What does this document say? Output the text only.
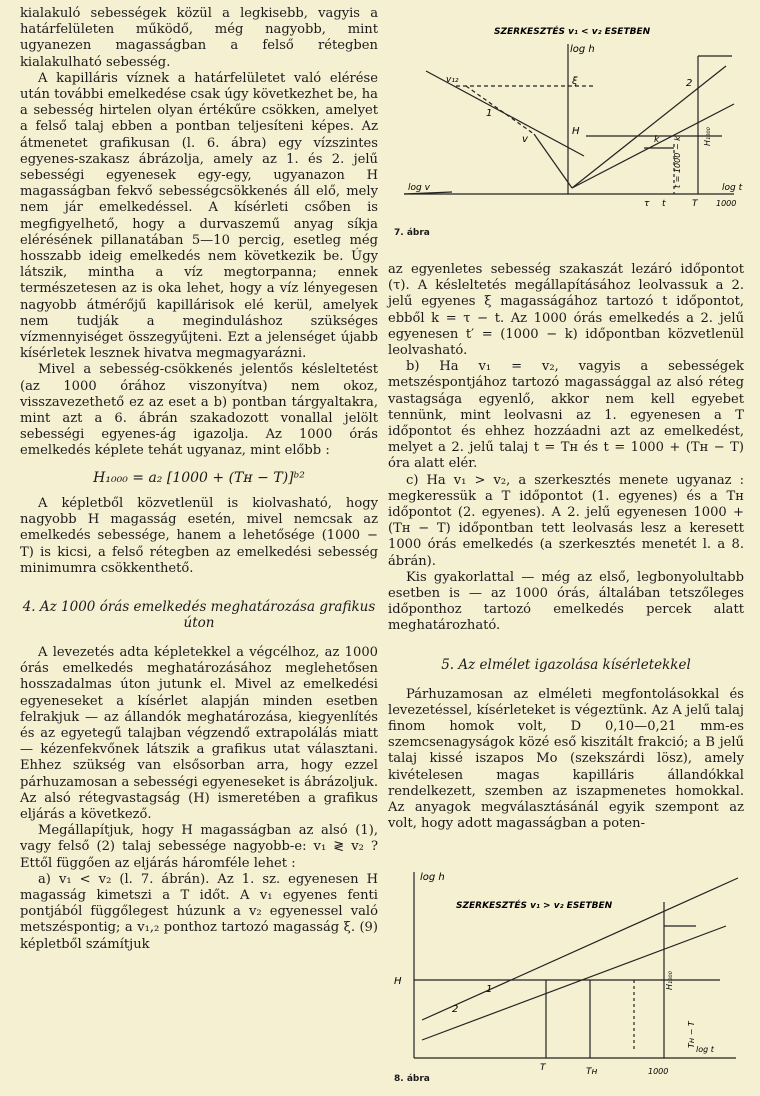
kialakuló sebességek közül a legkisebb, vagyis a határfelületen működő, még nagyobb, mint ugyanezen magasságban a felső rétegben kialakulható sebesség.

A kapilláris víznek a határfelületet való elérése után további emelkedése csak úgy következhet be, ha a sebesség hirtelen olyan értékűre csökken, amelyet a felső talaj ebben a pontban teljesíteni képes. Az átmenetet grafikusan (l. 6. ábra) egy vízszintes egyenes-szakasz ábrázolja, amely az 1. és 2. jelű sebességi egyenesek egy-egy, ugyanazon H magasságban fekvő sebességcsökkenés áll elő, mely nem jár emelkedéssel. A kísérleti csőben is megfigyelhető, hogy a durvaszemű anyag síkja elérésének pillanatában 5—10 percig, esetleg még hosszabb ideig emelkedés nem következik be. Úgy látszik, mintha a víz megtorpanna; ennek természetesen az is oka lehet, hogy a víz lényegesen nagyobb átmérőjű kapillárisok elé kerül, amelyek nem tudják a meginduláshoz szükséges vízmennyiséget összegyűjteni. Ezt a jelenséget újabb kísérletek lesznek hivatva megmagyarázni.

Mivel a sebesség-csökkenés jelentős késleltetést (az 1000 órához viszonyítva) nem okoz, visszavezethető ez az eset a b) pontban tárgyaltakra, mint azt a 6. ábrán szakadozott vonallal jelölt sebességi egyenes-ág igazolja. Az 1000 órás emelkedés képlete tehát ugyanaz, mint előbb :

H₁₀₀₀ = a₂ [1000 + (Tʜ − T)]ᵇ²

A képletből közvetlenül is kiolvasható, hogy nagyobb H magasság esetén, mivel nemcsak az emelkedés sebessége, hanem a lehetősége (1000 − T) is kicsi, a felső rétegben az emelkedési sebesség minimumra csökkenthető.

4. Az 1000 órás emelkedés meghatározása grafikus úton

A levezetés adta képletekkel a végcélhoz, az 1000 órás emelkedés meghatározásához meglehetősen hosszadalmas úton jutunk el. Mivel az emelkedési egyeneseket a kísérlet alapján minden esetben felrakjuk — az állandók meghatározása, kiegyenlítés és az egyetegű talajban végzendő extrapolálás miatt — kézenfekvőnek látszik a grafikus utat választani. Ehhez szükség van elsősorban arra, hogy ezzel párhuzamosan a sebességi egyeneseket is ábrázoljuk. Az alsó rétegvastagság (H) ismeretében a grafikus eljárás a következő.

Megállapítjuk, hogy H magasságban az alsó (1), vagy felső (2) talaj sebessége nagyobb-e: v₁ ≷ v₂ ? Ettől függően az eljárás háromféle lehet :

a) v₁ < v₂ (l. 7. ábrán). Az 1. sz. egyenesen H magasság kimetszi a T időt. A v₁ egyenes fenti pontjából függőlegest húzunk a v₂ egyenessel való metszéspontig; a v₁,₂ ponthoz tartozó magasság ξ. (9) képletből számítjuk

az egyenletes sebesség szakaszát lezáró időpontot (τ). A késleltetés megállapításához leolvassuk a 2. jelű egyenes ξ magasságához tartozó t időpontot, ebből k = τ − t. Az 1000 órás emelkedés a 2. jelű egyenesen t′ = (1000 − k) időpontban közvetlenül leolvasható.

b) Ha v₁ = v₂, vagyis a sebességek metszéspontjához tartozó magassággal az alsó réteg vastagsága egyenlő, akkor nem kell egyebet tennünk, mint leolvasni az 1. egyenesen a T időpontot és ehhez hozzáadni azt az emelkedést, melyet a 2. jelű talaj t = Tʜ és t = 1000 + (Tʜ − T) óra alatt elér.

c) Ha v₁ > v₂, a szerkesztés menete ugyanaz : megkeressük a T időpontot (1. egyenes) és a Tʜ időpontot (2. egyenes). A 2. jelű egyenesen 1000 + (Tʜ − T) időpontban tett leolvasás lesz a keresett 1000 órás emelkedés (a szerkesztés menetét l. a 8. ábrán).

Kis gyakorlattal — még az első, legbonyolultabb esetben is — az 1000 órás, általában tetszőleges időponthoz tartozó emelkedés percek alatt meghatározható.

5. Az elmélet igazolása kísérletekkel

Párhuzamosan az elméleti megfontolásokkal és levezetéssel, kísérleteket is végeztünk. Az A jelű talaj finom homok volt, D 0,10—0,21 mm-es szemcsenagyságok közé eső kiszitált frakció; a B jelű talaj kissé iszapos Mo (szekszárdi lösz), amely kivételesen magas kapilláris állandókkal rendelkezett, szemben az iszapmenetes homokkal. Az anyagok megválasztásánál egyik szempont az volt, hogy adott magasságban a poten-

log h
log v	log t
v₁₂	ξ
H
1
v
2
τ t	T
k t = 1000 − k	H₁₀₀₀
1000
SZERKESZTÉS v₁ < v₂ ESETBEN
7. ábra
log h
H
1
2
T	Tʜ	1000
log t
H₁₀₀₀
Tʜ − T
SZERKESZTÉS v₁ > v₂ ESETBEN
8. ábra
